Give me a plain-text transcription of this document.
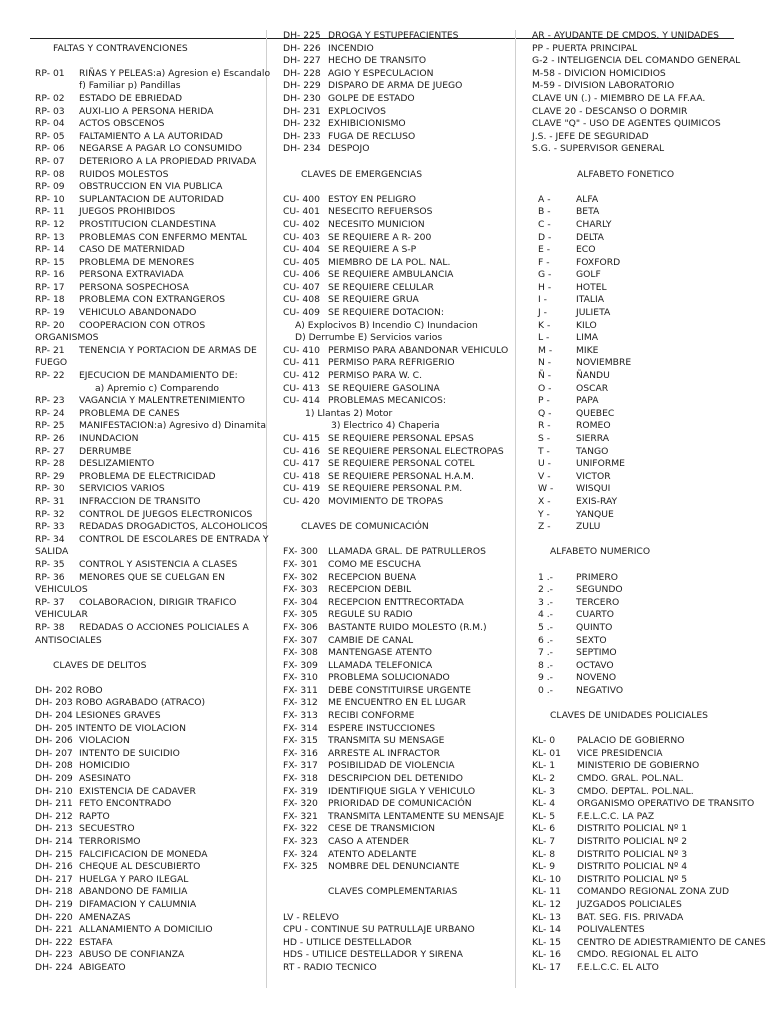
FALTAS Y CONTRAVENCIONES
RP- 01 RIÑAS Y PELEAS:a) Agresion e) Escandalo
f) Familiar p) Pandillas
RP- 02 ESTADO DE EBRIEDAD
RP- 03 AUXI-LIO A PERSONA HERIDA
RP- 04 ACTOS OBSCENOS
RP- 05 FALTAMIENTO A LA AUTORIDAD
RP- 06 NEGARSE A PAGAR LO CONSUMIDO
RP- 07 DETERIORO A LA PROPIEDAD PRIVADA
RP- 08 RUIDOS MOLESTOS
RP- 09 OBSTRUCCION EN VIA PUBLICA
RP- 10 SUPLANTACION DE AUTORIDAD
RP- 11 JUEGOS PROHIBIDOS
RP- 12 PROSTITUCION CLANDESTINA
RP- 13 PROBLEMAS CON ENFERMO MENTAL
RP- 14 CASO DE MATERNIDAD
RP- 15 PROBLEMA DE MENORES
RP- 16 PERSONA EXTRAVIADA
RP- 17 PERSONA SOSPECHOSA
RP- 18 PROBLEMA CON EXTRANGEROS
RP- 19 VEHICULO ABANDONADO
RP- 20 COOPERACION CON OTROS
ORGANISMOS
RP- 21 TENENCIA Y PORTACION DE ARMAS DE
FUEGO
RP- 22 EJECUCION DE MANDAMIENTO DE:
a) Apremio c) Comparendo
RP- 23 VAGANCIA Y MALENTRETENIMIENTO
RP- 24 PROBLEMA DE CANES
RP- 25 MANIFESTACION:a) Agresivo d) Dinamita
RP- 26 INUNDACION
RP- 27 DERRUMBE
RP- 28 DESLIZAMIENTO
RP- 29 PROBLEMA DE ELECTRICIDAD
RP- 30 SERVICIOS VARIOS
RP- 31 INFRACCION DE TRANSITO
RP- 32 CONTROL DE JUEGOS ELECTRONICOS
RP- 33 REDADAS DROGADICTOS, ALCOHOLICOS
RP- 34 CONTROL DE ESCOLARES DE ENTRADA Y
SALIDA
RP- 35 CONTROL Y ASISTENCIA A CLASES
RP- 36 MENORES QUE SE CUELGAN EN
VEHICULOS
RP- 37 COLABORACION, DIRIGIR TRAFICO
VEHICULAR
RP- 38 REDADAS O ACCIONES POLICIALES A
ANTISOCIALES
CLAVES DE DELITOS
DH- 202 ROBO
DH- 203 ROBO AGRABADO (ATRACO)
DH- 204 LESIONES GRAVES
DH- 205 INTENTO DE VIOLACION
DH- 206 VIOLACION
DH- 207 INTENTO DE SUICIDIO
DH- 208 HOMICIDIO
DH- 209 ASESINATO
DH- 210 EXISTENCIA DE CADAVER
DH- 211 FETO ENCONTRADO
DH- 212 RAPTO
DH- 213 SECUESTRO
DH- 214 TERRORISMO
DH- 215 FALCIFICACION DE MONEDA
DH- 216 CHEQUE AL DESCUBIERTO
DH- 217 HUELGA Y PARO ILEGAL
DH- 218 ABANDONO DE FAMILIA
DH- 219 DIFAMACION Y CALUMNIA
DH- 220 AMENAZAS
DH- 221 ALLANAMIENTO A DOMICILIO
DH- 222 ESTAFA
DH- 223 ABUSO DE CONFIANZA
DH- 224 ABIGEATO
DH- 225 DROGA Y ESTUPEFACIENTES
DH- 226 INCENDIO
DH- 227 HECHO DE TRANSITO
DH- 228 AGIO Y ESPECULACION
DH- 229 DISPARO DE ARMA DE JUEGO
DH- 230 GOLPE DE ESTADO
DH- 231 EXPLOCIVOS
DH- 232 EXHIBICIONISMO
DH- 233 FUGA DE RECLUSO
DH- 234 DESPOJO
CLAVES DE EMERGENCIAS
CU- 400 ESTOY EN PELIGRO
CU- 401 NESECITO REFUERSOS
CU- 402 NECESITO MUNICION
CU- 403 SE REQUIERE A R- 200
CU- 404 SE REQUIERE A S-P
CU- 405 MIEMBRO DE LA POL. NAL.
CU- 406 SE REQUIERE AMBULANCIA
CU- 407 SE REQUIERE CELULAR
CU- 408 SE REQUIERE GRUA
CU- 409 SE REQUIERE DOTACION:
A) Explocivos B) Incendio C) Inundacion
D) Derrumbe E) Servicios varios
CU- 410 PERMISO PARA ABANDONAR VEHICULO
CU- 411 PERMISO PARA REFRIGERIO
CU- 412 PERMISO PARA W. C.
CU- 413 SE REQUIERE GASOLINA
CU- 414 PROBLEMAS MECANICOS:
1) Llantas 2) Motor
3) Electrico 4) Chaperia
CU- 415 SE REQUIERE PERSONAL EPSAS
CU- 416 SE REQUIERE PERSONAL ELECTROPAS
CU- 417 SE REQUIERE PERSONAL COTEL
CU- 418 SE REQUIERE PERSONAL H.A.M.
CU- 419 SE REQUIERE PERSONAL P.M.
CU- 420 MOVIMIENTO DE TROPAS
CLAVES DE COMUNICACIÓN
FX- 300 LLAMADA GRAL. DE PATRULLEROS
FX- 301 COMO ME ESCUCHA
FX- 302 RECEPCION BUENA
FX- 303 RECEPCION DEBIL
FX- 304 RECEPCION ENTTRECORTADA
FX- 305 REGULE SU RADIO
FX- 306 BASTANTE RUIDO MOLESTO (R.M.)
FX- 307 CAMBIE DE CANAL
FX- 308 MANTENGASE ATENTO
FX- 309 LLAMADA TELEFONICA
FX- 310 PROBLEMA SOLUCIONADO
FX- 311 DEBE CONSTITUIRSE URGENTE
FX- 312 ME ENCUENTRO EN EL LUGAR
FX- 313 RECIBI CONFORME
FX- 314 ESPERE INSTUCCIONES
FX- 315 TRANSMITA SU MENSAGE
FX- 316 ARRESTE AL INFRACTOR
FX- 317 POSIBILIDAD DE VIOLENCIA
FX- 318 DESCRIPCION DEL DETENIDO
FX- 319 IDENTIFIQUE SIGLA Y VEHICULO
FX- 320 PRIORIDAD DE COMUNICACIÓN
FX- 321 TRANSMITA LENTAMENTE SU MENSAJE
FX- 322 CESE DE TRANSMICION
FX- 323 CASO A ATENDER
FX- 324 ATENTO ADELANTE
FX- 325 NOMBRE DEL DENUNCIANTE
CLAVES COMPLEMENTARIAS
LV - RELEVO
CPU - CONTINUE SU PATRULLAJE URBANO
HD - UTILICE DESTELLADOR
HDS - UTILICE DESTELLADOR Y SIRENA
RT - RADIO TECNICO
AR - AYUDANTE DE CMDOS. Y UNIDADES
PP - PUERTA PRINCIPAL
G-2 - INTELIGENCIA DEL COMANDO GENERAL
M-58 - DIVICION HOMICIDIOS
M-59 - DIVISION LABORATORIO
CLAVE UN (.) - MIEMBRO DE LA FF.AA.
CLAVE 20 - DESCANSO O DORMIR
CLAVE "Q" - USO DE AGENTES QUIMICOS
J.S. - JEFE DE SEGURIDAD
S.G. - SUPERVISOR GENERAL
ALFABETO FONETICO
A -	ALFA
B -	BETA
C -	CHARLY
D -	DELTA
E -	ECO
F -	FOXFORD
G -	GOLF
H -	HOTEL
I -	ITALIA
J -	JULIETA
K -	KILO
L -	LIMA
M -	MIKE
N -	NOVIEMBRE
Ñ -	ÑANDU
O -	OSCAR
P -	PAPA
Q -	QUEBEC
R -	ROMEO
S -	SIERRA
T -	TANGO
U -	UNIFORME
V -	VICTOR
W - WISQUI
X -	EXIS-RAY
Y -	YANQUE
Z -	ZULU
ALFABETO NUMERICO
1 .- PRIMERO
2 .- SEGUNDO
3 .- TERCERO
4 .- CUARTO
5 .- QUINTO
6 .- SEXTO
7 .- SEPTIMO
8 .- OCTAVO
9 .- NOVENO
0 .- NEGATIVO
CLAVES DE UNIDADES POLICIALES
KL- 0 PALACIO DE GOBIERNO
KL- 01 VICE PRESIDENCIA
KL- 1 MINISTERIO DE GOBIERNO
KL- 2 CMDO. GRAL. POL.NAL.
KL- 3 CMDO. DEPTAL. POL.NAL.
KL- 4 ORGANISMO OPERATIVO DE TRANSITO
KL- 5 F.E.L.C.C. LA PAZ
KL- 6 DISTRITO POLICIAL Nº 1
KL- 7 DISTRITO POLICIAL Nº 2
KL- 8 DISTRITO POLICIAL Nº 3
KL- 9 DISTRITO POLICIAL Nº 4
KL- 10 DISTRITO POLICIAL Nº 5
KL- 11 COMANDO REGIONAL ZONA ZUD
KL- 12 JUZGADOS POLICIALES
KL- 13 BAT. SEG. FIS. PRIVADA
KL- 14 POLIVALENTES
KL- 15 CENTRO DE ADIESTRAMIENTO DE CANES
KL- 16 CMDO. REGIONAL EL ALTO
KL- 17 F.E.L.C.C. EL ALTO
